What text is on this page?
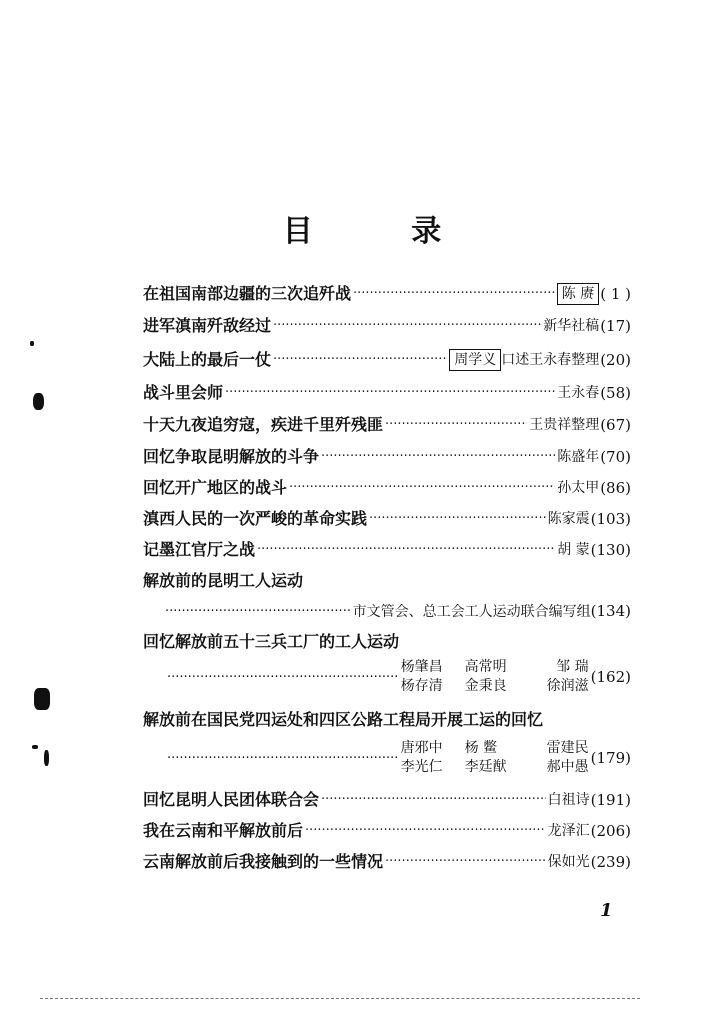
目 录
在祖国南部边疆的三次追歼战 ·····	陈 赓 ( 1 )
进军滇南歼敌经过 ·····	新华社稿 (17)
大陆上的最后一仗 ·····	周学义 口述王永春整理 (20)
战斗里会师 ·····	王永春 (58)
十天九夜追穷寇，疾进千里歼残匪 ·····	王贵祥整理 (67)
回忆争取昆明解放的斗争 ·····	陈盛年 (70)
回忆开广地区的战斗 ·····	孙太甲 (86)
滇西人民的一次严峻的革命实践 ·····	陈家震 (103)
记墨江官厅之战 ·····	胡 蒙 (130)
解放前的昆明工人运动
·····
市文管会、总工会工人运动联合编写组 (134)
回忆解放前五十三兵工厂的工人运动
·····
杨肇昌	高常明	邹 瑞
杨存清	金秉良	徐润滋 (162)
解放前在国民党四运处和四区公路工程局开展工运的回忆
·····
唐邪中	杨 鳖	雷建民
李光仁	李廷猷	郝中愚 (179)
回忆昆明人民团体联合会 ·····	白祖诗 (191)
我在云南和平解放前后 ·····	龙泽汇 (206)
云南解放前后我接触到的一些情况 ·····	保如光 (239)
1
